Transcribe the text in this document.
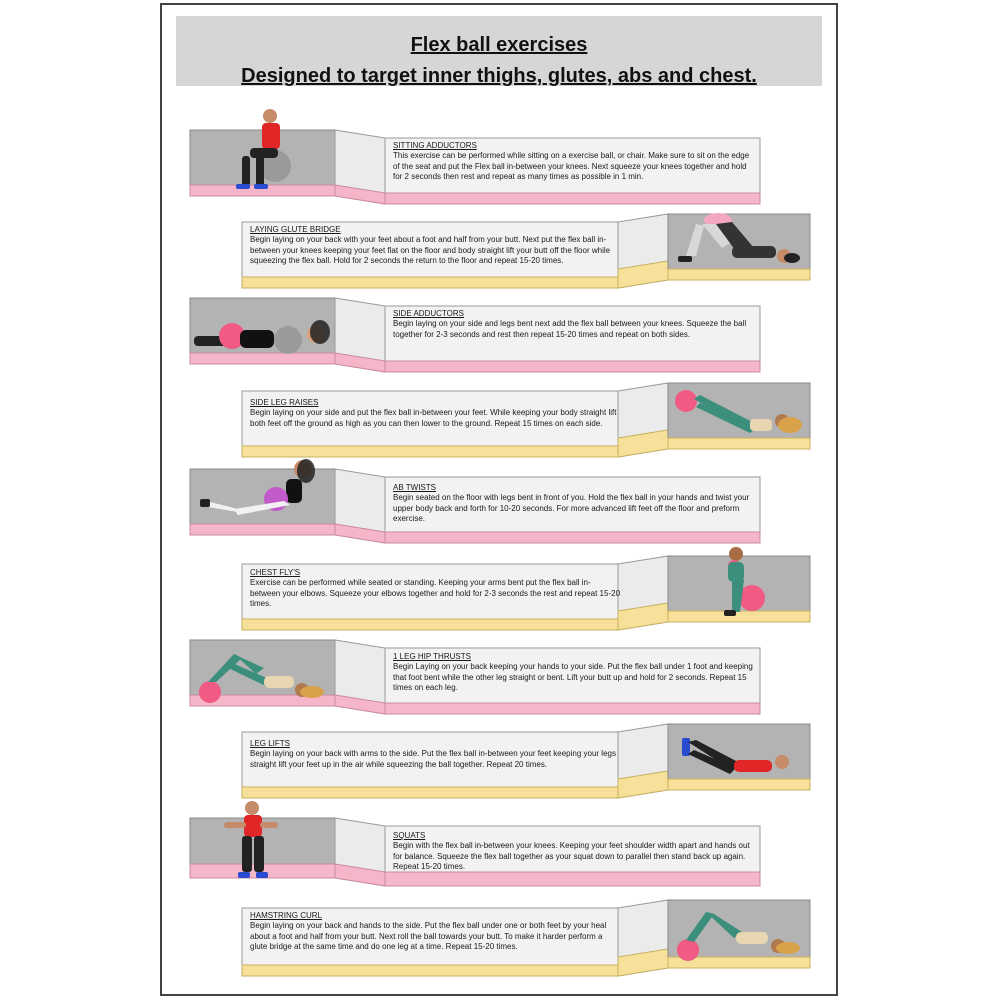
Flex ball exercises
Designed to target inner thighs, glutes, abs and chest.
SITTING ADDUCTORS
This exercise can be performed while sitting on a exercise ball, or chair. Make sure to sit on the edge of the seat and put the Flex ball in-between your knees. Next squeeze your knees together and hold for 2 seconds then rest and repeat as many times as possible in 1 min.
LAYING GLUTE BRIDGE
Begin laying on your back with your feet about a foot and half from your butt. Next put the flex ball in-between your knees keeping your feet flat on the floor and body straight lift your butt off the floor while squeezing the flex ball. Hold for 2 seconds the return to the floor and repeat 15-20 times.
SIDE ADDUCTORS
Begin laying on your side and legs bent next add the flex ball between your knees. Squeeze the ball together for 2-3 seconds and rest then repeat 15-20 times and repeat on both sides.
SIDE LEG RAISES
Begin laying on your side and put the flex ball in-between your feet. While keeping your body straight lift both feet off the ground as high as you can then lower to the ground. Repeat 15 times on each side.
AB TWISTS
Begin seated on the floor with legs bent in front of you. Hold the flex ball in your hands and twist your upper body back and forth for 10-20 seconds. For more advanced lift feet off the floor and preform exercise.
CHEST FLY'S
Exercise can be performed while seated or standing. Keeping your arms bent put the flex ball in-between your elbows. Squeeze your elbows together and hold for 2-3 seconds the rest and repeat 15-20 times.
1 LEG HIP THRUSTS
Begin Laying on your back keeping your hands to your side. Put the flex ball under 1 foot and keeping that foot bent while the other leg straight or bent. Lift your butt up and hold for 2 seconds. Repeat 15 times on each leg.
LEG LIFTS
Begin laying on your back with arms to the side. Put the flex ball in-between your feet keeping your legs straight lift your feet up in the air while squeezing the ball together. Repeat 20 times.
SQUATS
Begin with the flex ball in-between your knees. Keeping your feet shoulder width apart and hands out for balance. Squeeze the flex ball together as your squat down to parallel then stand back up again. Repeat 15-20 times.
HAMSTRING CURL
Begin laying on your back and hands to the side. Put the flex ball under one or both feet by your heal about a foot and half from your butt. Next roll the ball towards your butt. To make it harder perform a glute bridge at the same time and do one leg at a time. Repeat 15-20 times.
